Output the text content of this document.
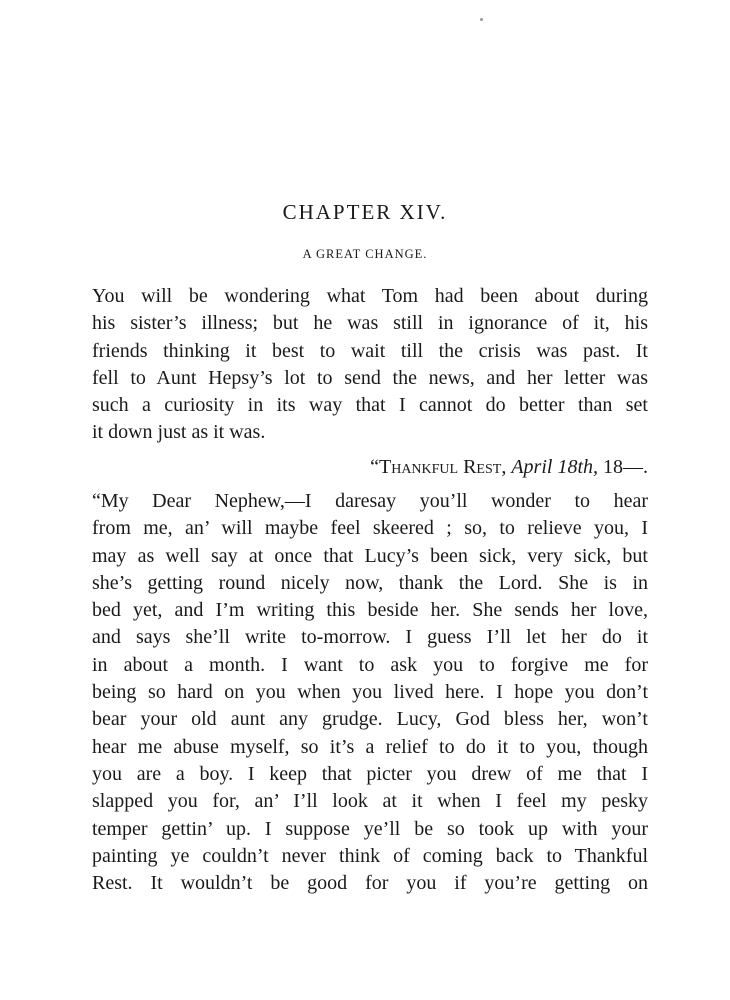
CHAPTER XIV.
A GREAT CHANGE.
You will be wondering what Tom had been about during
his sister’s illness; but he was still in ignorance of it, his
friends thinking it best to wait till the crisis was past. It
fell to Aunt Hepsy’s lot to send the news, and her letter was
such a curiosity in its way that I cannot do better than set
it down just as it was.
“Thankful Rest, April 18th, 18—.
“My Dear Nephew,—I daresay you’ll wonder to hear
from me, an’ will maybe feel skeered ; so, to relieve you, I
may as well say at once that Lucy’s been sick, very sick, but
she’s getting round nicely now, thank the Lord. She is in
bed yet, and I’m writing this beside her. She sends her love,
and says she’ll write to-morrow. I guess I’ll let her do it
in about a month. I want to ask you to forgive me for
being so hard on you when you lived here. I hope you don’t
bear your old aunt any grudge. Lucy, God bless her, won’t
hear me abuse myself, so it’s a relief to do it to you, though
you are a boy. I keep that picter you drew of me that I
slapped you for, an’ I’ll look at it when I feel my pesky
temper gettin’ up. I suppose ye’ll be so took up with your
painting ye couldn’t never think of coming back to Thankful
Rest. It wouldn’t be good for you if you’re getting on
